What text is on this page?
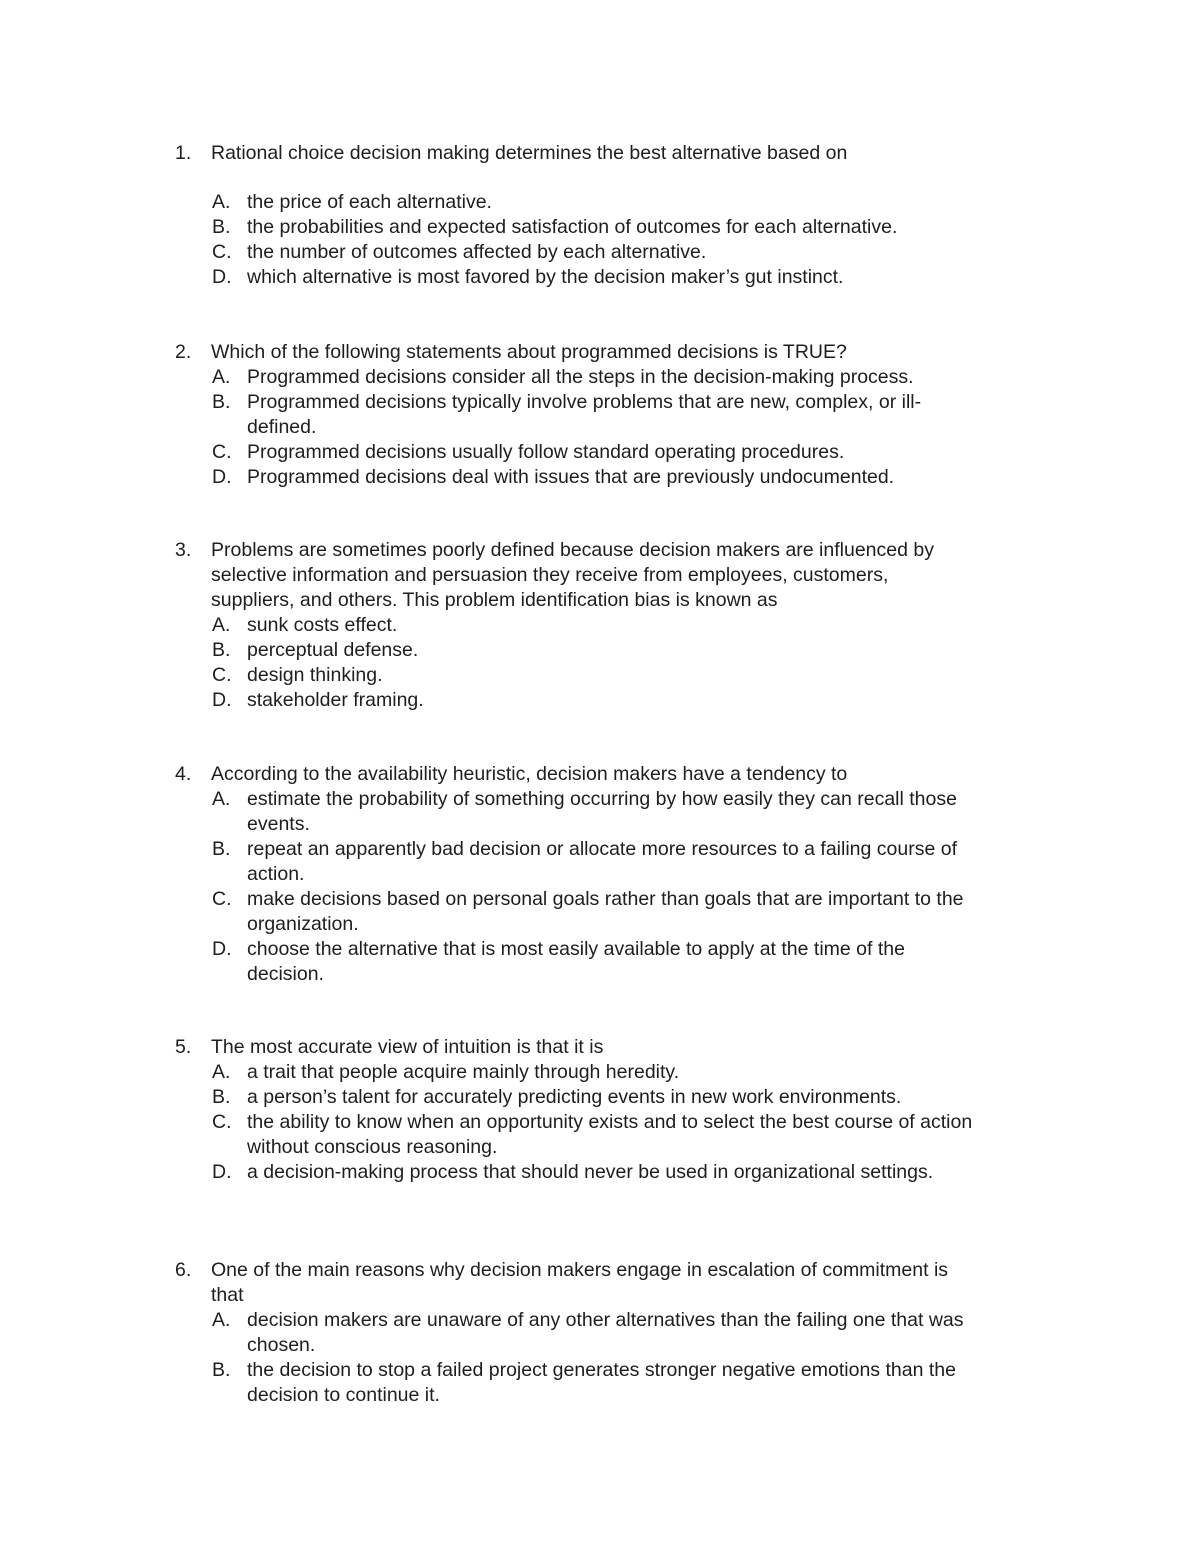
1. Rational choice decision making determines the best alternative based on
A. the price of each alternative.
B. the probabilities and expected satisfaction of outcomes for each alternative.
C. the number of outcomes affected by each alternative.
D. which alternative is most favored by the decision maker’s gut instinct.
2. Which of the following statements about programmed decisions is TRUE?
A. Programmed decisions consider all the steps in the decision-making process.
B. Programmed decisions typically involve problems that are new, complex, or ill-
defined.
C. Programmed decisions usually follow standard operating procedures.
D. Programmed decisions deal with issues that are previously undocumented.
3. Problems are sometimes poorly defined because decision makers are influenced by
selective information and persuasion they receive from employees, customers,
suppliers, and others. This problem identification bias is known as
A. sunk costs effect.
B. perceptual defense.
C. design thinking.
D. stakeholder framing.
4. According to the availability heuristic, decision makers have a tendency to
A. estimate the probability of something occurring by how easily they can recall those
events.
B. repeat an apparently bad decision or allocate more resources to a failing course of
action.
C. make decisions based on personal goals rather than goals that are important to the
organization.
D. choose the alternative that is most easily available to apply at the time of the
decision.
5. The most accurate view of intuition is that it is
A. a trait that people acquire mainly through heredity.
B. a person’s talent for accurately predicting events in new work environments.
C. the ability to know when an opportunity exists and to select the best course of action
without conscious reasoning.
D. a decision-making process that should never be used in organizational settings.
6. One of the main reasons why decision makers engage in escalation of commitment is
that
A. decision makers are unaware of any other alternatives than the failing one that was
chosen.
B. the decision to stop a failed project generates stronger negative emotions than the
decision to continue it.
